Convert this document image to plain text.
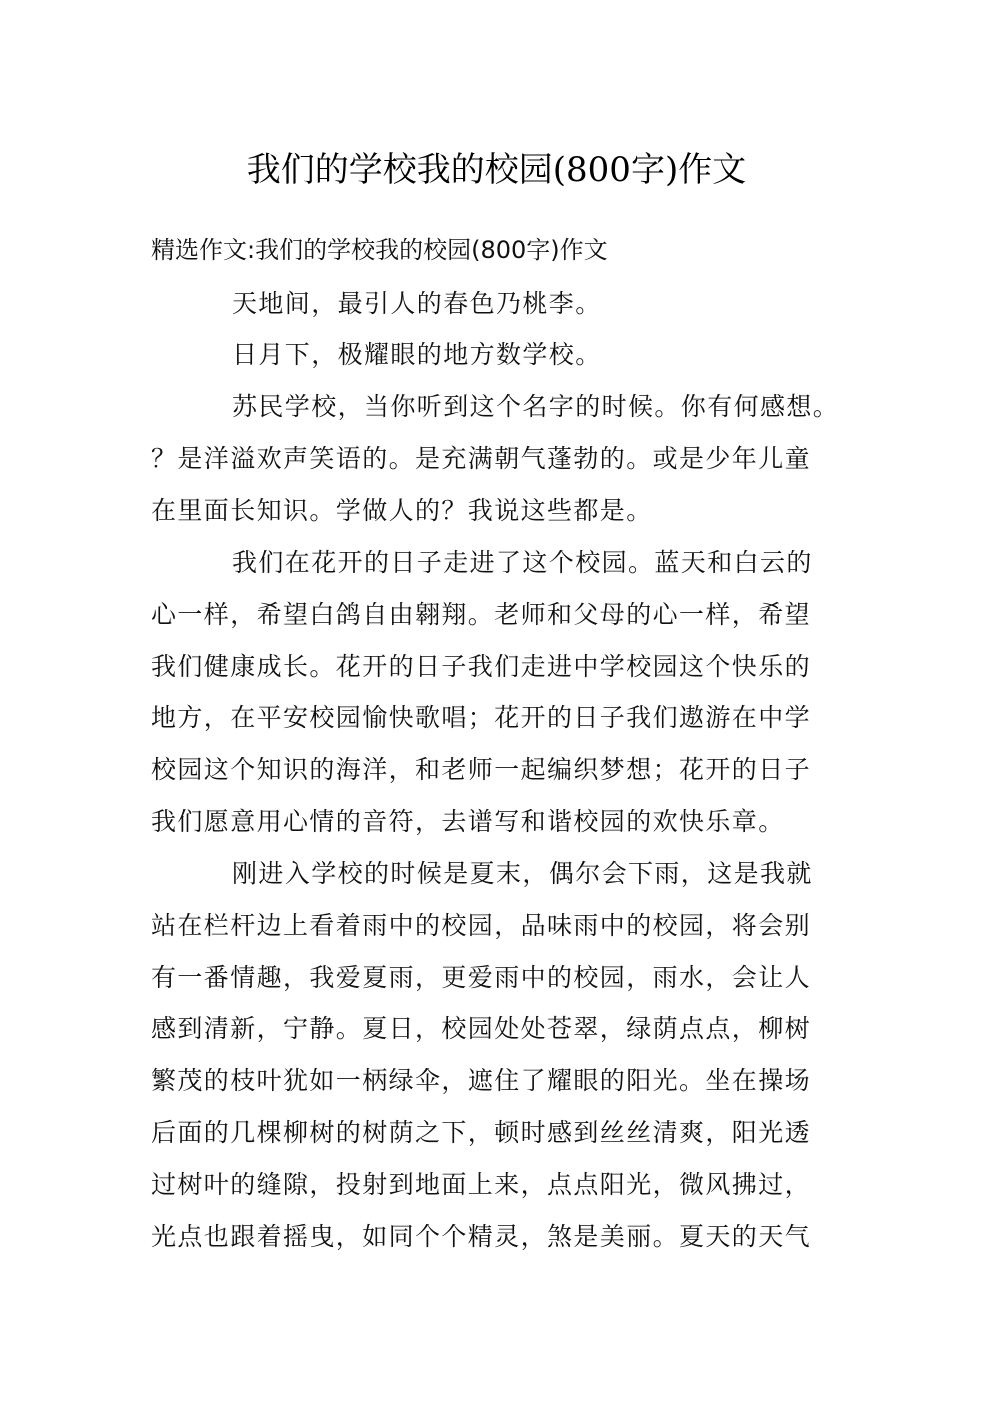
我们的学校我的校园(800字)作文
精选作文:我们的学校我的校园(800字)作文
天地间，最引人的春色乃桃李。
日月下，极耀眼的地方数学校。
苏民学校，当你听到这个名字的时候。你有何感想。
？是洋溢欢声笑语的。是充满朝气蓬勃的。或是少年儿童
在里面长知识。学做人的？我说这些都是。
我们在花开的日子走进了这个校园。蓝天和白云的
心一样，希望白鸽自由翱翔。老师和父母的心一样，希望
我们健康成长。花开的日子我们走进中学校园这个快乐的
地方，在平安校园愉快歌唱；花开的日子我们遨游在中学
校园这个知识的海洋，和老师一起编织梦想；花开的日子
我们愿意用心情的音符，去谱写和谐校园的欢快乐章。
刚进入学校的时候是夏末，偶尔会下雨，这是我就
站在栏杆边上看着雨中的校园，品味雨中的校园，将会别
有一番情趣，我爱夏雨，更爱雨中的校园，雨水，会让人
感到清新，宁静。夏日，校园处处苍翠，绿荫点点，柳树
繁茂的枝叶犹如一柄绿伞，遮住了耀眼的阳光。坐在操场
后面的几棵柳树的树荫之下，顿时感到丝丝清爽，阳光透
过树叶的缝隙，投射到地面上来，点点阳光，微风拂过，
光点也跟着摇曳，如同个个精灵，煞是美丽。夏天的天气
